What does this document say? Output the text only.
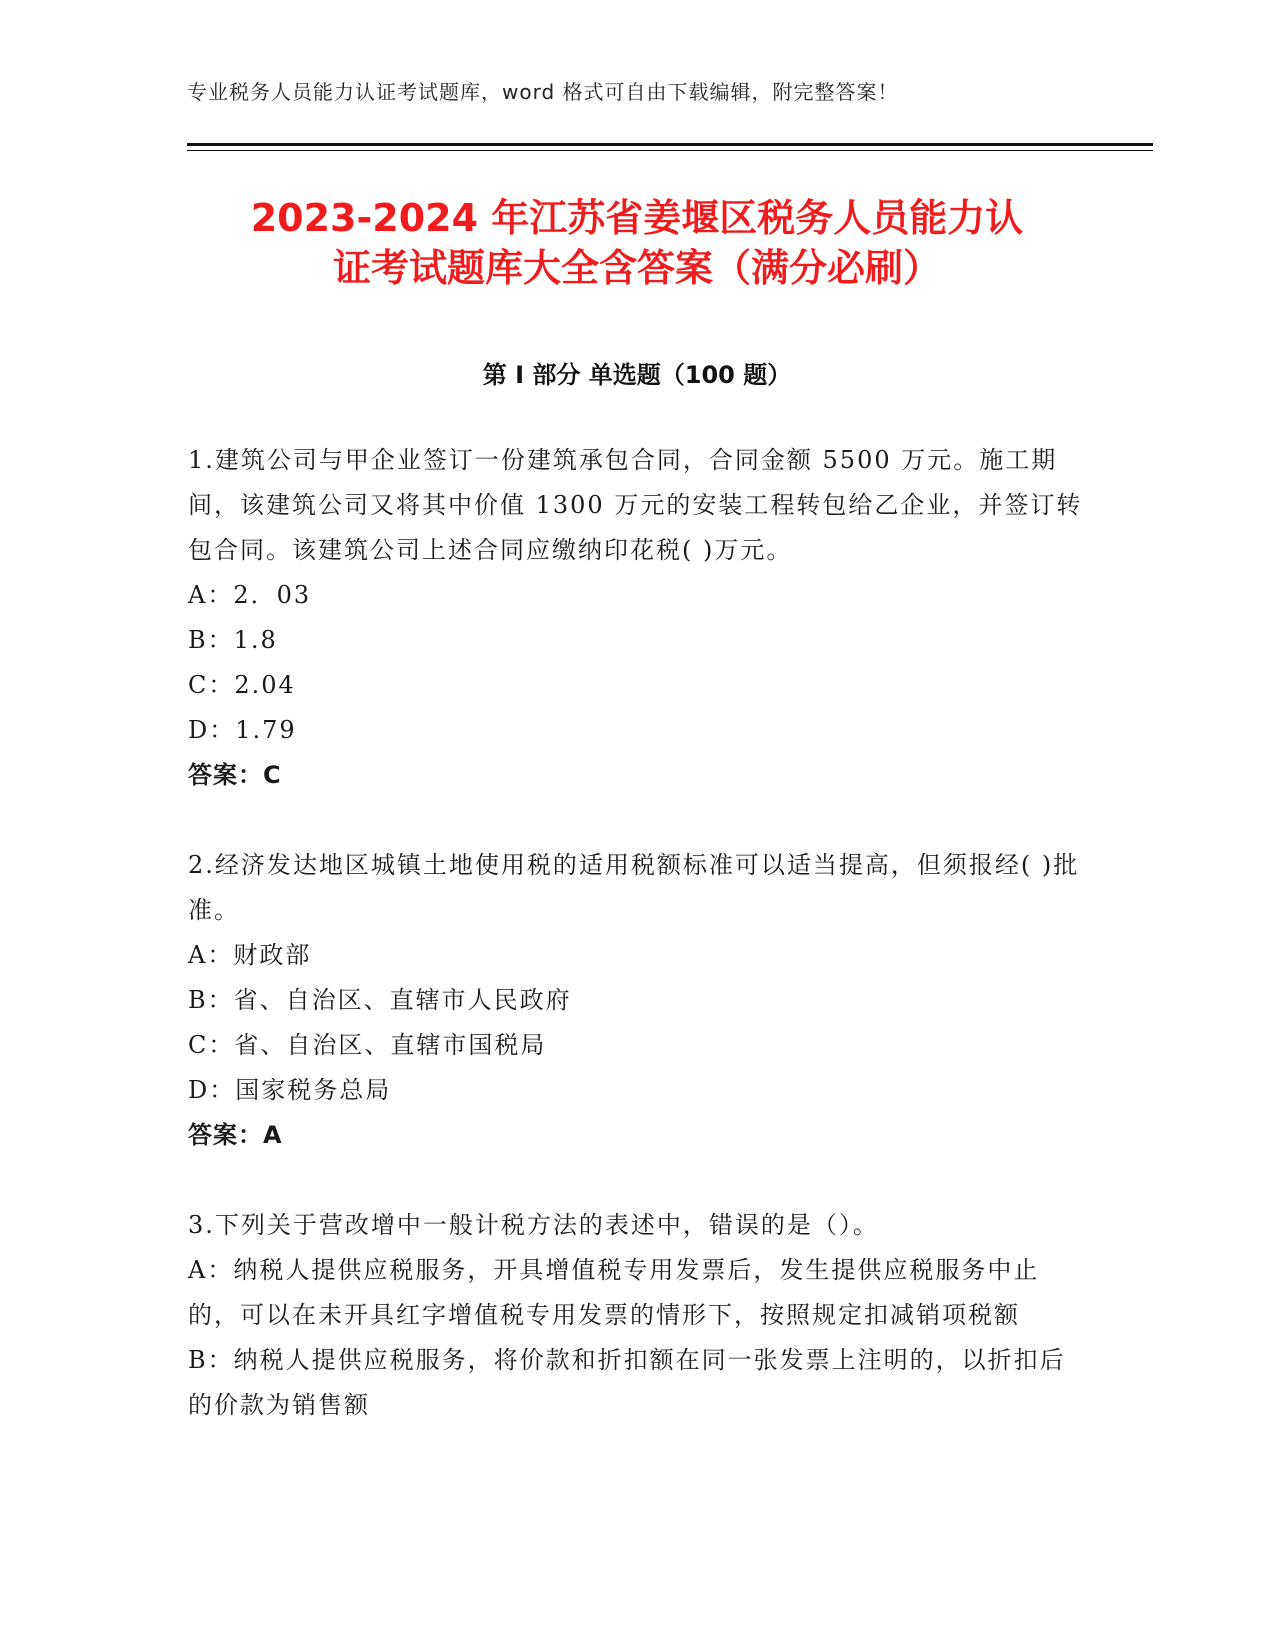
专业税务人员能力认证考试题库，word 格式可自由下载编辑，附完整答案！
2023-2024 年江苏省姜堰区税务人员能力认
证考试题库大全含答案（满分必刷）
第 I 部分 单选题（100 题）
1.建筑公司与甲企业签订一份建筑承包合同，合同金额 5500 万元。施工期间，该建筑公司又将其中价值 1300 万元的安装工程转包给乙企业，并签订转包合同。该建筑公司上述合同应缴纳印花税( )万元。
A：2．03
B：1.8
C：2.04
D：1.79
答案：C
2.经济发达地区城镇土地使用税的适用税额标准可以适当提高，但须报经( )批准。
A：财政部
B：省、自治区、直辖市人民政府
C：省、自治区、直辖市国税局
D：国家税务总局
答案：A
3.下列关于营改增中一般计税方法的表述中，错误的是（）。
A：纳税人提供应税服务，开具增值税专用发票后，发生提供应税服务中止的，可以在未开具红字增值税专用发票的情形下，按照规定扣减销项税额
B：纳税人提供应税服务，将价款和折扣额在同一张发票上注明的，以折扣后的价款为销售额
